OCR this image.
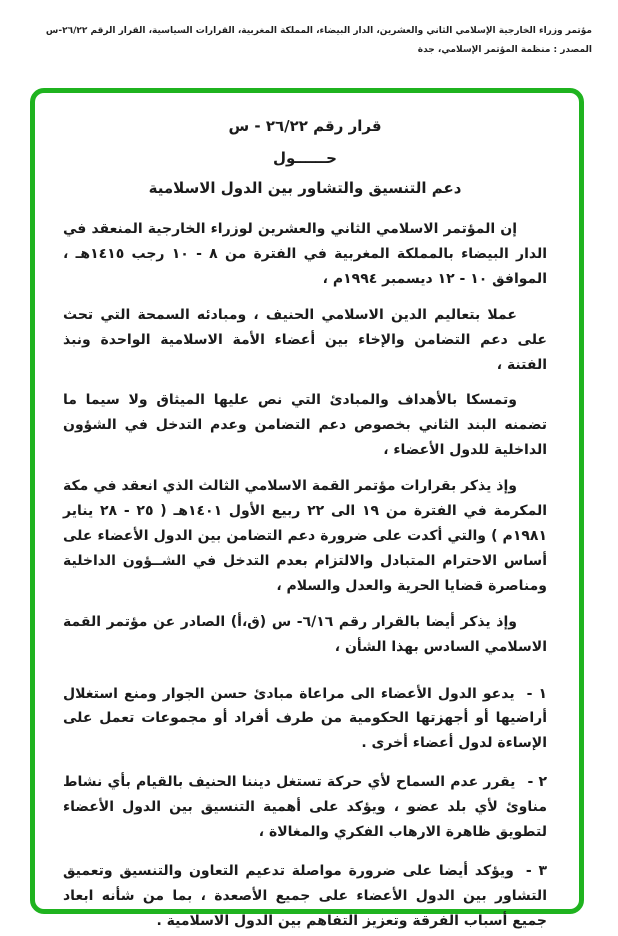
مؤتمر وزراء الخارجية الإسلامي الثاني والعشرين، الدار البيضاء، المملكة المغربية، القرارات السياسية، القرار الرقم ٢٦/٢٢-س
المصدر : منظمة المؤتمر الإسلامي، جدة
قرار رقم ٢٦/٢٢ - س
حــــــول
دعم التنسيق والتشاور بين الدول الاسلامية

إن المؤتمر الاسلامي الثاني والعشرين لوزراء الخارجية المنعقد في الدار البيضاء بالمملكة المغربية في الفترة من ٨ - ١٠ رجب ١٤١٥هـ ، الموافق ١٠ - ١٢ ديسمبر ١٩٩٤م ،

عملا بتعاليم الدين الاسلامي الحنيف ، ومبادئه السمحة التي تحث على دعم التضامن والإخاء بين أعضاء الأمة الاسلامية الواحدة ونبذ الفتنة ،

وتمسكا بالأهداف والمبادئ التي نص عليها الميثاق ولا سيما ما تضمنه البند الثاني بخصوص دعم التضامن وعدم التدخل في الشؤون الداخلية للدول الأعضاء ،

وإذ يذكر بقرارات مؤتمر القمة الاسلامي الثالث الذي انعقد في مكة المكرمة في الفترة من ١٩ الى ٢٢ ربيع الأول ١٤٠١هـ ( ٢٥ - ٢٨ يناير ١٩٨١م ) والتي أكدت على ضرورة دعم التضامن بين الدول الأعضاء على أساس الاحترام المتبادل والالتزام بعدم التدخل في الشــؤون الداخلية ومناصرة قضايا الحرية والعدل والسلام ،

وإذ يذكر أيضا بالقرار رقم ٦/١٦- س (ق،أ) الصادر عن مؤتمر القمة الاسلامي السادس بهذا الشأن ،

١ -يدعو الدول الأعضاء الى مراعاة مبادئ حسن الجوار ومنع استغلال أراضيها أو أجهزتها الحكومية من طرف أفراد أو مجموعات تعمل على الإساءة لدول أعضاء أخرى .

٢ -يقرر عدم السماح لأي حركة تستغل ديننا الحنيف بالقيام بأي نشاط مناوئ لأي بلد عضو ، ويؤكد على أهمية التنسيق بين الدول الأعضاء لتطويق ظاهرة الارهاب الفكري والمغالاة ،

٣ -ويؤكد أيضا على ضرورة مواصلة تدعيم التعاون والتنسيق وتعميق التشاور بين الدول الأعضاء على جميع الأصعدة ، بما من شأنه ابعاد جميع أسباب الفرقة وتعزيز التفاهم بين الدول الاسلامية .
